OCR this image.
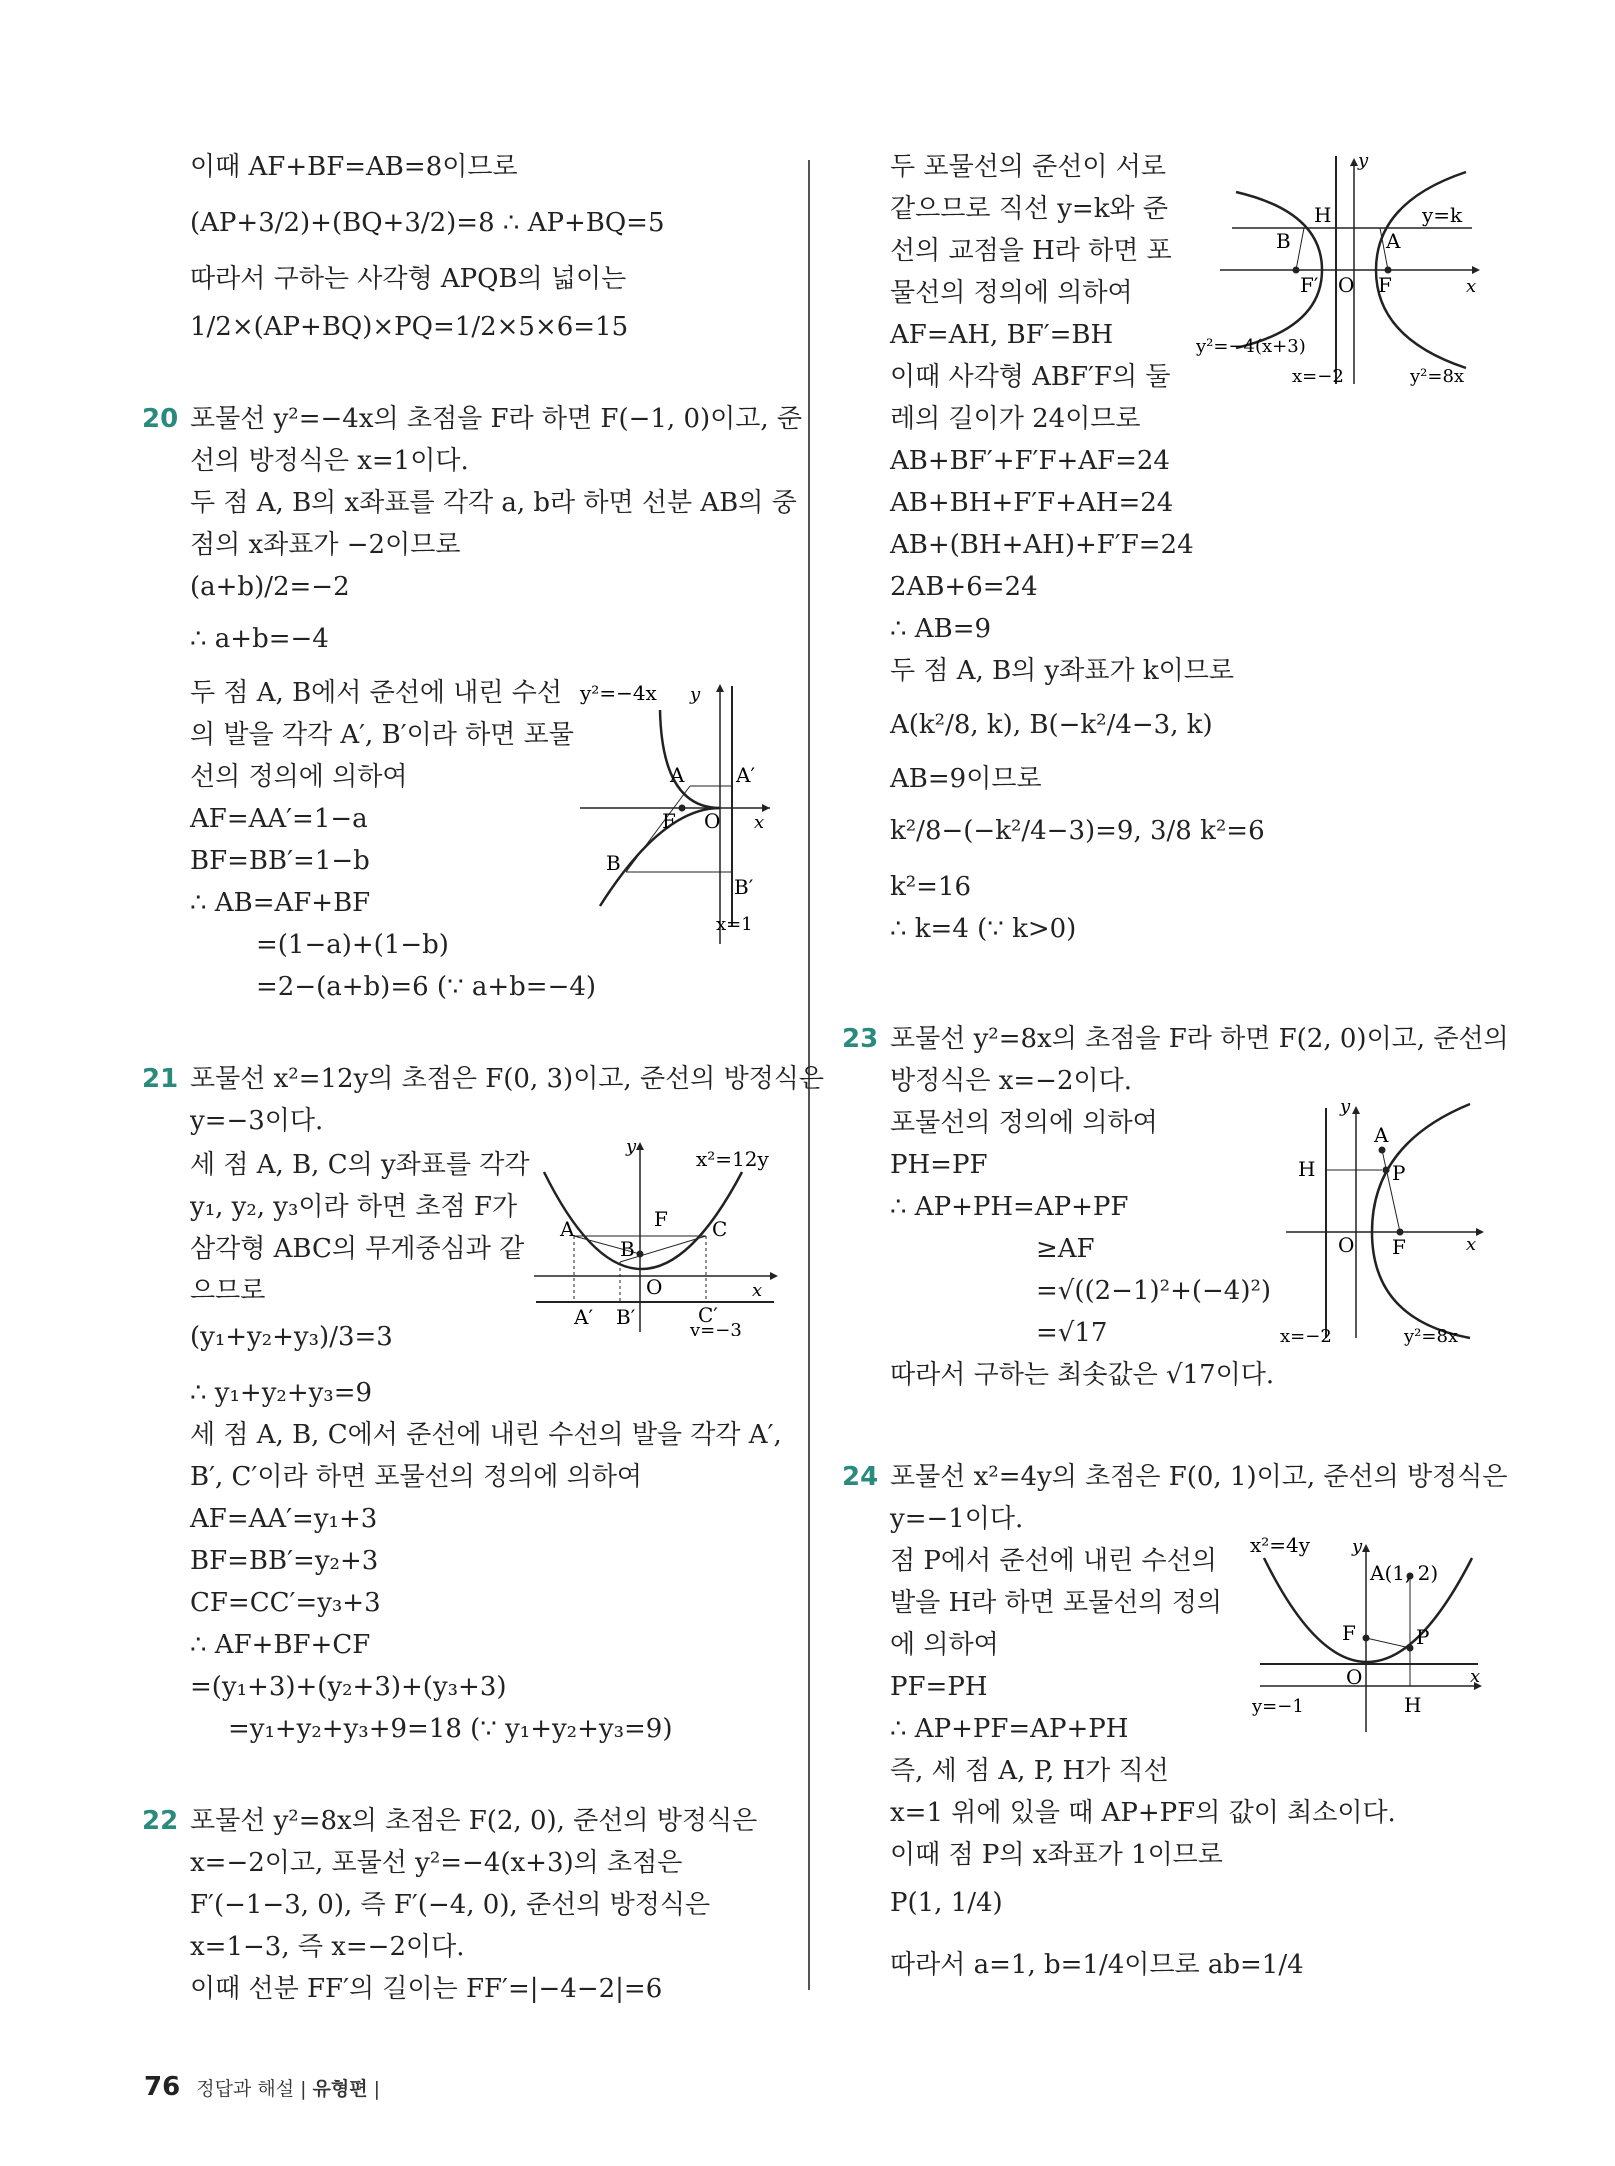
이때 AF+BF=AB=8이므로
(AP+3/2)+(BQ+3/2)=8 ∴ AP+BQ=5
따라서 구하는 사각형 APQB의 넓이는
1/2×(AP+BQ)×PQ=1/2×5×6=15
20 포물선 y²=−4x의 초점을 F라 하면 F(−1, 0)이고, 준
선의 방정식은 x=1이다.
두 점 A, B의 x좌표를 각각 a, b라 하면 선분 AB의 중
점의 x좌표가 −2이므로
(a+b)/2=−2
∴ a+b=−4
두 점 A, B에서 준선에 내린 수선
의 발을 각각 A′, B′이라 하면 포물
선의 정의에 의하여
AF=AA′=1−a
BF=BB′=1−b
∴ AB=AF+BF
=(1−a)+(1−b)
=2−(a+b)=6 (∵ a+b=−4)
21 포물선 x²=12y의 초점은 F(0, 3)이고, 준선의 방정식은
y=−3이다.
세 점 A, B, C의 y좌표를 각각
y₁, y₂, y₃이라 하면 초점 F가
삼각형 ABC의 무게중심과 같
으므로
(y₁+y₂+y₃)/3=3
∴ y₁+y₂+y₃=9
세 점 A, B, C에서 준선에 내린 수선의 발을 각각 A′,
B′, C′이라 하면 포물선의 정의에 의하여
AF=AA′=y₁+3
BF=BB′=y₂+3
CF=CC′=y₃+3
∴ AF+BF+CF
=(y₁+3)+(y₂+3)+(y₃+3)
=y₁+y₂+y₃+9=18 (∵ y₁+y₂+y₃=9)
22 포물선 y²=8x의 초점은 F(2, 0), 준선의 방정식은
x=−2이고, 포물선 y²=−4(x+3)의 초점은
F′(−1−3, 0), 즉 F′(−4, 0), 준선의 방정식은
x=1−3, 즉 x=−2이다.
이때 선분 FF′의 길이는 FF′=|−4−2|=6
두 포물선의 준선이 서로
같으므로 직선 y=k와 준
선의 교점을 H라 하면 포
물선의 정의에 의하여
AF=AH, BF′=BH
이때 사각형 ABF′F의 둘
레의 길이가 24이므로
AB+BF′+F′F+AF=24
AB+BH+F′F+AH=24
AB+(BH+AH)+F′F=24
2AB+6=24
∴ AB=9
두 점 A, B의 y좌표가 k이므로
A(k²/8, k), B(−k²/4−3, k)
AB=9이므로
k²/8−(−k²/4−3)=9, 3/8 k²=6
k²=16
∴ k=4 (∵ k>0)
23 포물선 y²=8x의 초점을 F라 하면 F(2, 0)이고, 준선의
방정식은 x=−2이다.
포물선의 정의에 의하여
PH=PF
∴ AP+PH=AP+PF
≥AF
=√((2−1)²+(−4)²)
=√17
따라서 구하는 최솟값은 √17이다.
24 포물선 x²=4y의 초점은 F(0, 1)이고, 준선의 방정식은
y=−1이다.
점 P에서 준선에 내린 수선의
발을 H라 하면 포물선의 정의
에 의하여
PF=PH
∴ AP+PF=AP+PH
즉, 세 점 A, P, H가 직선
x=1 위에 있을 때 AP+PF의 값이 최소이다.
이때 점 P의 x좌표가 1이므로
P(1, 1/4)
따라서 a=1, b=1/4이므로 ab=1/4
y²=−4x y
A	A′
F O x
B
B′
x=1
y
x²=12y
F
A
B
C
O	x
A′ B′	C′
y=−3
y
H	y=k
B	A
F′ O F	x
y²=−4(x+3)
x=−2	y²=8x
y
A
H	P
O F	x
x=−2	y²=8x
x²=4y y
A(1, 2)
F	P
O	x
y=−1	H
76 정답과 해설 | 유형편 |
